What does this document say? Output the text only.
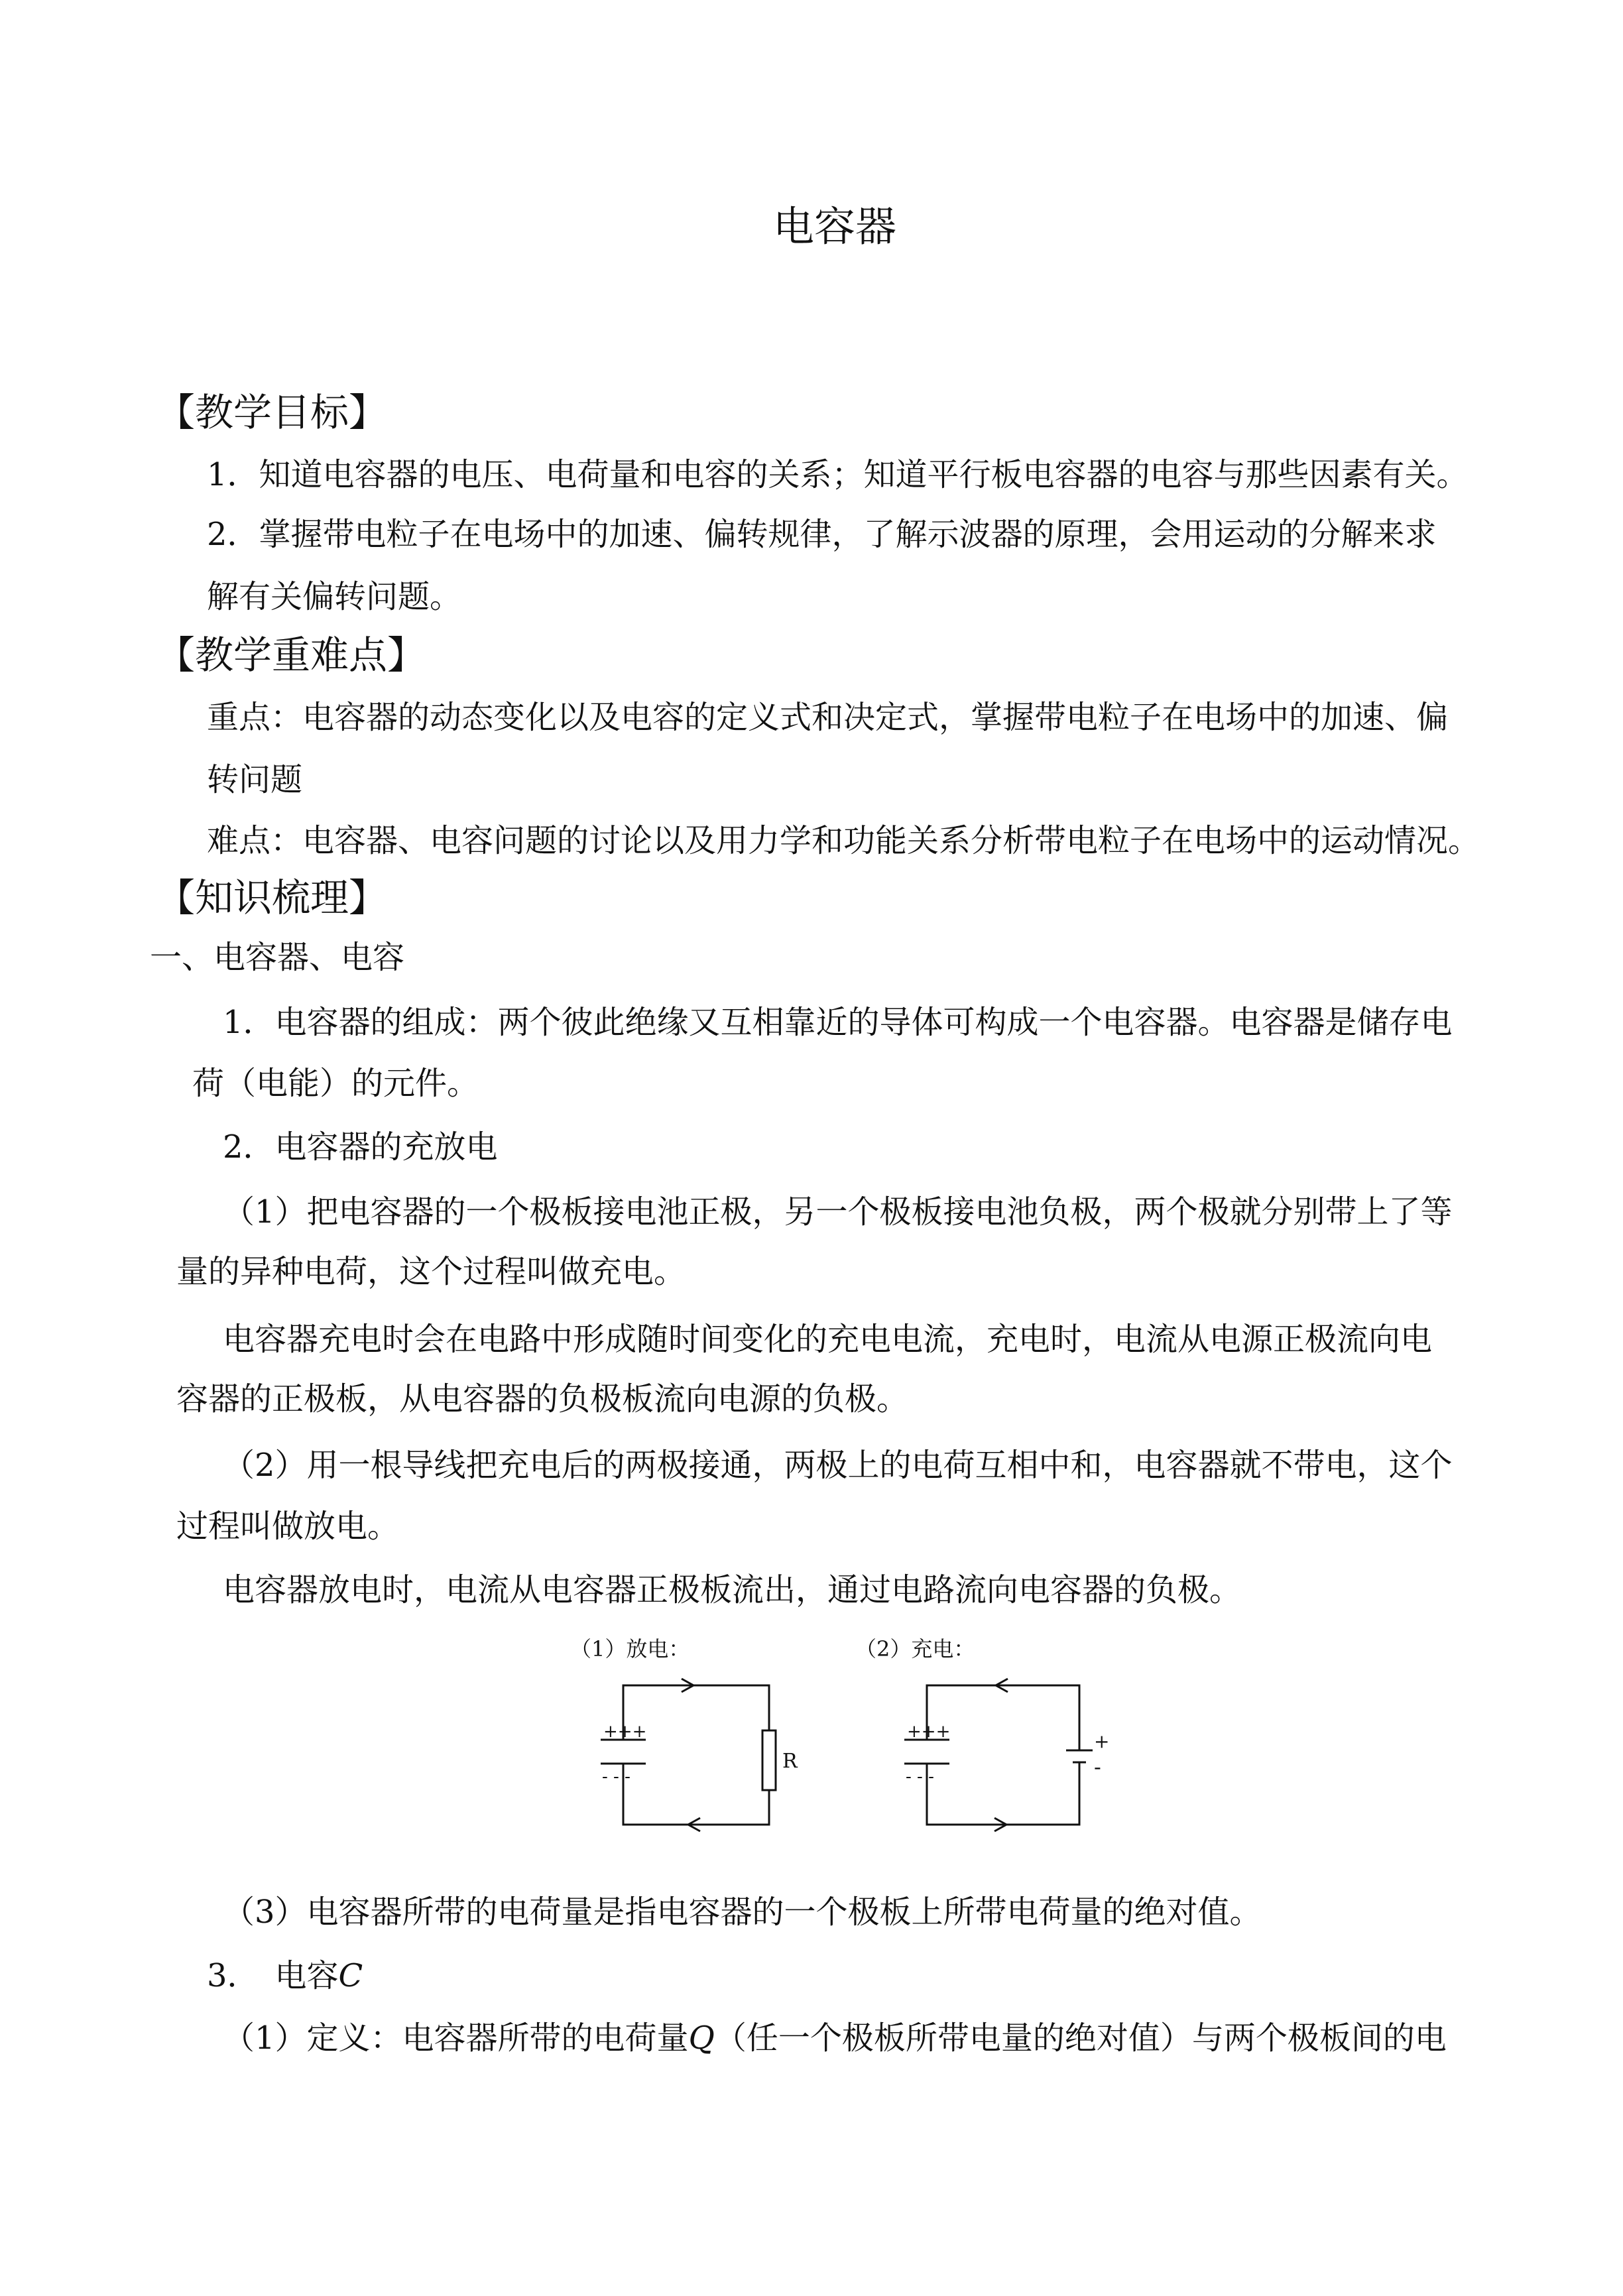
电容器
【教学目标】
1．知道电容器的电压、电荷量和电容的关系；知道平行板电容器的电容与那些因素有关。
2．掌握带电粒子在电场中的加速、偏转规律，了解示波器的原理，会用运动的分解来求
解有关偏转问题。
【教学重难点】
重点：电容器的动态变化以及电容的定义式和决定式，掌握带电粒子在电场中的加速、偏
转问题
难点：电容器、电容问题的讨论以及用力学和功能关系分析带电粒子在电场中的运动情况。
【知识梳理】
一、电容器、电容
1．电容器的组成：两个彼此绝缘又互相靠近的导体可构成一个电容器。电容器是储存电
荷（电能）的元件。
2．电容器的充放电
（1）把电容器的一个极板接电池正极，另一个极板接电池负极，两个极就分别带上了等
量的异种电荷，这个过程叫做充电。
电容器充电时会在电路中形成随时间变化的充电电流，充电时，电流从电源正极流向电
容器的正极板，从电容器的负极板流向电源的负极。
（2）用一根导线把充电后的两极接通，两极上的电荷互相中和，电容器就不带电，这个
过程叫做放电。
电容器放电时，电流从电容器正极板流出，通过电路流向电容器的负极。
（1）放电：
+++
- - -
R
（2）充电：
+++
- - -
+
-
（3）电容器所带的电荷量是指电容器的一个极板上所带电荷量的绝对值。
3．　电容C
（1）定义：电容器所带的电荷量Q（任一个极板所带电量的绝对值）与两个极板间的电
